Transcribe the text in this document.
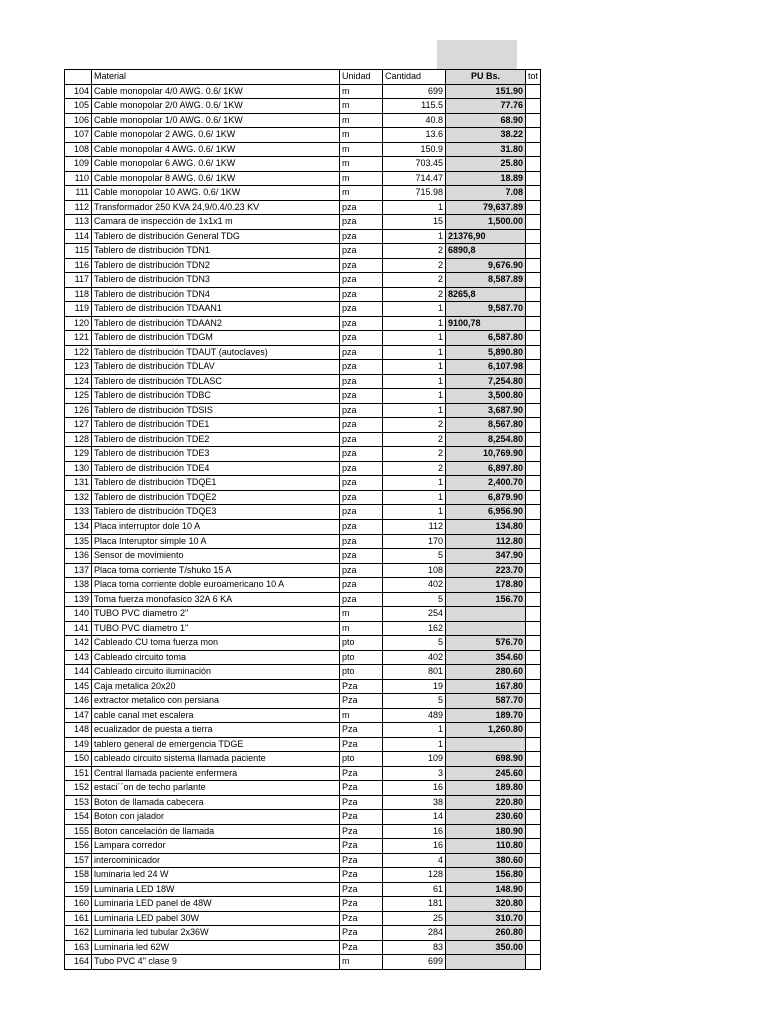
	Material	Unidad	Cantidad	PU Bs.	tot
104	Cable monopolar 4/0 AWG. 0.6/ 1KW	m	699	151.90	
105	Cable monopolar 2/0 AWG. 0.6/ 1KW	m	115.5	77.76	
106	Cable monopolar 1/0 AWG. 0.6/ 1KW	m	40.8	68.90	
107	Cable monopolar 2 AWG. 0.6/ 1KW	m	13.6	38.22	
108	Cable monopolar 4 AWG. 0.6/ 1KW	m	150.9	31.80	
109	Cable monopolar 6 AWG. 0.6/ 1KW	m	703.45	25.80	
110	Cable monopolar 8 AWG. 0.6/ 1KW	m	714.47	18.89	
111	Cable monopolar 10 AWG. 0.6/ 1KW	m	715.98	7.08	
112	Transformador 250 KVA 24,9/0.4/0.23 KV	pza	1	79,637.89	
113	Camara de inspección de 1x1x1 m	pza	15	1,500.00	
114	Tablero de distribución General TDG	pza	1	21376,90	
115	Tablero de distribución TDN1	pza	2	6890,8	
116	Tablero de distribución TDN2	pza	2	9,676.90	
117	Tablero de distribución TDN3	pza	2	8,587.89	
118	Tablero de distribución TDN4	pza	2	8265,8	
119	Tablero de distribución TDAAN1	pza	1	9,587.70	
120	Tablero de distribución TDAAN2	pza	1	9100,78	
121	Tablero de distribución TDGM	pza	1	6,587.80	
122	Tablero de distribución TDAUT (autoclaves)	pza	1	5,890.80	
123	Tablero de distribución TDLAV	pza	1	6,107.98	
124	Tablero de distribución TDLASC	pza	1	7,254.80	
125	Tablero de distribución TDBC	pza	1	3,500.80	
126	Tablero de distribución TDSIS	pza	1	3,687.90	
127	Tablero de distribución TDE1	pza	2	8,567.80	
128	Tablero de distribución TDE2	pza	2	8,254.80	
129	Tablero de distribución TDE3	pza	2	10,769.90	
130	Tablero de distribución TDE4	pza	2	6,897.80	
131	Tablero de distribución TDQE1	pza	1	2,400.70	
132	Tablero de distribución TDQE2	pza	1	6,879.90	
133	Tablero de distribución TDQE3	pza	1	6,956.90	
134	Placa interruptor dole 10 A	pza	112	134.80	
135	Placa Interuptor simple 10 A	pza	170	112.80	
136	Sensor de movimiento	pza	5	347.90	
137	Placa toma corriente T/shuko 15 A	pza	108	223.70	
138	Placa toma corriente doble euroamericano 10 A	pza	402	178.80	
139	Toma fuerza monofasico 32A 6 KA	pza	5	156.70	
140	TUBO PVC diametro 2"	m	254		
141	TUBO PVC diametro 1"	m	162		
142	Cableado CU toma fuerza mon	pto	5	576.70	
143	Cableado circuito toma	pto	402	354.60	
144	Cableado circuito iluminación	pto	801	280.60	
145	Caja metalica 20x20	Pza	19	167.80	
146	extractor metalico con persiana	Pza	5	587.70	
147	cable canal met escalera	m	489	189.70	
148	ecualizador de puesta a tierra	Pza	1	1,260.80	
149	tablero general de emergencia TDGE	Pza	1		
150	cableado circuito sistema llamada paciente	pto	109	698.90	
151	Central llamada paciente enfermera	Pza	3	245.60	
152	estaci´´on de techo parlante	Pza	16	189.80	
153	Boton de llamada cabecera	Pza	38	220.80	
154	Boton con jalador	Pza	14	230.60	
155	Boton cancelación de llamada	Pza	16	180.90	
156	Lampara corredor	Pza	16	110.80	
157	intercominicador	Pza	4	380.60	
158	luminaria led 24 W	Pza	128	156.80	
159	Luminaria LED 18W	Pza	61	148.90	
160	Luminaria LED panel de 48W	Pza	181	320.80	
161	Luminaria LED pabel 30W	Pza	25	310.70	
162	Luminaria led tubular 2x36W	Pza	284	260.80	
163	Luminaria led 62W	Pza	83	350.00	
164	Tubo PVC 4" clase 9	m	699		
